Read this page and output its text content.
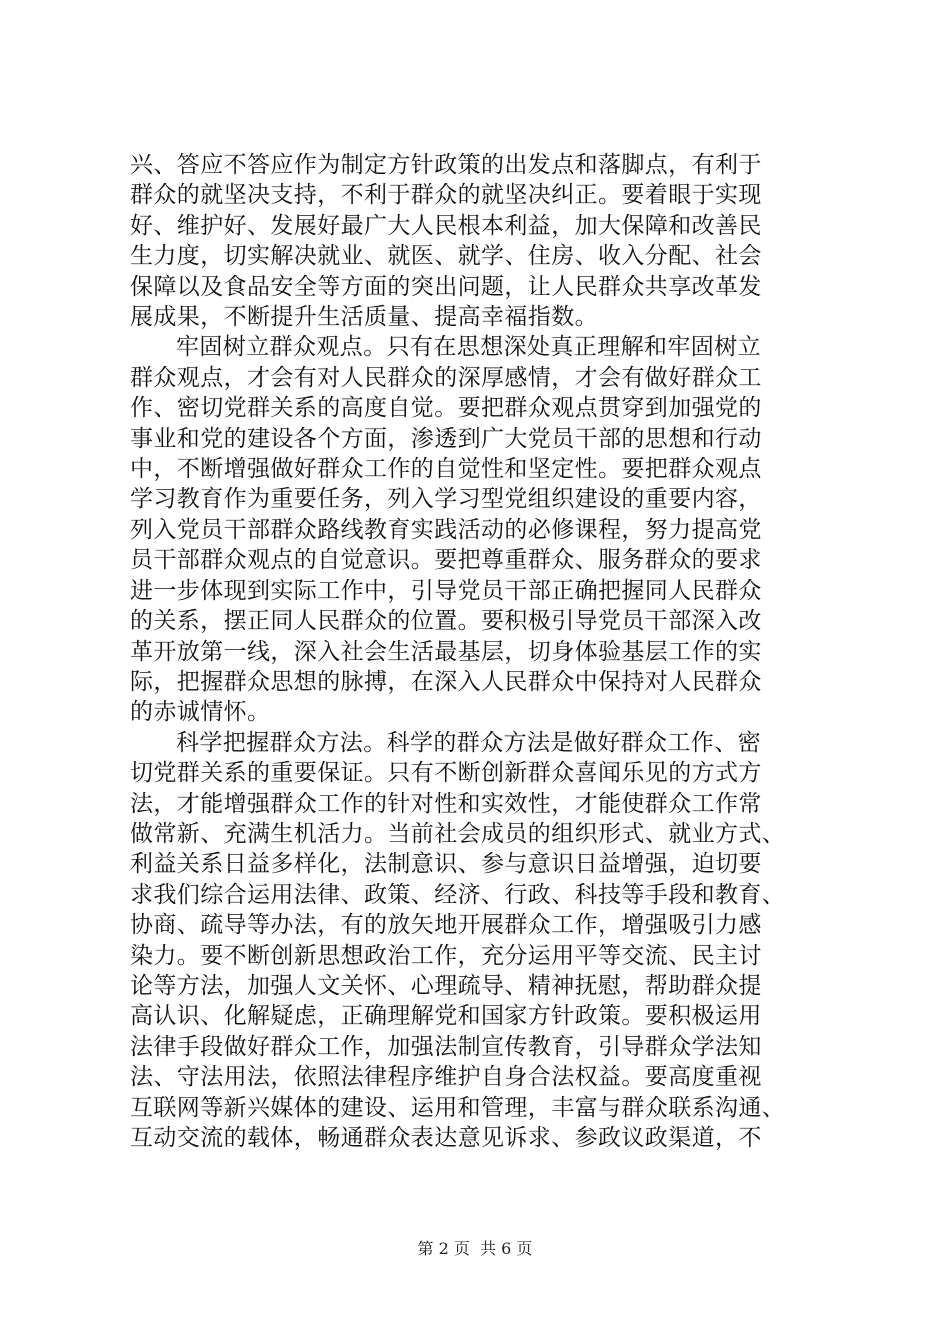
兴、答应不答应作为制定方针政策的出发点和落脚点，有利于
群众的就坚决支持，不利于群众的就坚决纠正。要着眼于实现
好、维护好、发展好最广大人民根本利益，加大保障和改善民
生力度，切实解决就业、就医、就学、住房、收入分配、社会
保障以及食品安全等方面的突出问题，让人民群众共享改革发
展成果，不断提升生活质量、提高幸福指数。

牢固树立群众观点。只有在思想深处真正理解和牢固树立
群众观点，才会有对人民群众的深厚感情，才会有做好群众工
作、密切党群关系的高度自觉。要把群众观点贯穿到加强党的
事业和党的建设各个方面，渗透到广大党员干部的思想和行动
中，不断增强做好群众工作的自觉性和坚定性。要把群众观点
学习教育作为重要任务，列入学习型党组织建设的重要内容，
列入党员干部群众路线教育实践活动的必修课程，努力提高党
员干部群众观点的自觉意识。要把尊重群众、服务群众的要求
进一步体现到实际工作中，引导党员干部正确把握同人民群众
的关系，摆正同人民群众的位置。要积极引导党员干部深入改
革开放第一线，深入社会生活最基层，切身体验基层工作的实
际，把握群众思想的脉搏，在深入人民群众中保持对人民群众
的赤诚情怀。

科学把握群众方法。科学的群众方法是做好群众工作、密
切党群关系的重要保证。只有不断创新群众喜闻乐见的方式方
法，才能增强群众工作的针对性和实效性，才能使群众工作常
做常新、充满生机活力。当前社会成员的组织形式、就业方式、
利益关系日益多样化，法制意识、参与意识日益增强，迫切要
求我们综合运用法律、政策、经济、行政、科技等手段和教育、
协商、疏导等办法，有的放矢地开展群众工作，增强吸引力感
染力。要不断创新思想政治工作，充分运用平等交流、民主讨
论等方法，加强人文关怀、心理疏导、精神抚慰，帮助群众提
高认识、化解疑虑，正确理解党和国家方针政策。要积极运用
法律手段做好群众工作，加强法制宣传教育，引导群众学法知
法、守法用法，依照法律程序维护自身合法权益。要高度重视
互联网等新兴媒体的建设、运用和管理，丰富与群众联系沟通、
互动交流的载体，畅通群众表达意见诉求、参政议政渠道，不

第 2 页  共 6 页
